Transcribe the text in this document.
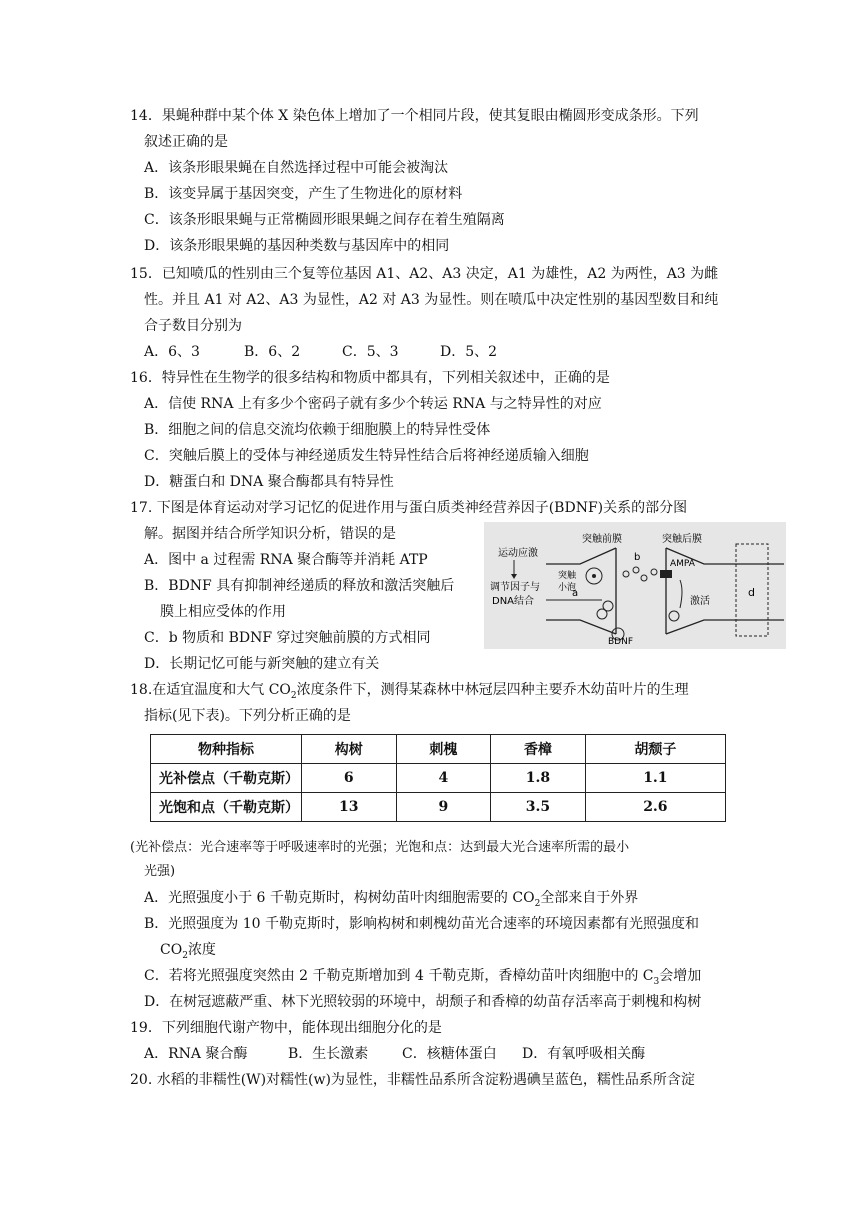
14．果蝇种群中某个体 X 染色体上增加了一个相同片段，使其复眼由椭圆形变成条形。下列
叙述正确的是
A．该条形眼果蝇在自然选择过程中可能会被淘汰
B．该变异属于基因突变，产生了生物进化的原材料
C．该条形眼果蝇与正常椭圆形眼果蝇之间存在着生殖隔离
D．该条形眼果蝇的基因种类数与基因库中的相同
15．已知喷瓜的性别由三个复等位基因 A1、A2、A3 决定，A1 为雄性，A2 为两性，A3 为雌
性。并且 A1 对 A2、A3 为显性，A2 对 A3 为显性。则在喷瓜中决定性别的基因型数目和纯
合子数目分别为
A．6、3	B．6、2	C．5、3	D．5、2
16．特异性在生物学的很多结构和物质中都具有，下列相关叙述中，正确的是
A．信使 RNA 上有多少个密码子就有多少个转运 RNA 与之特异性的对应
B．细胞之间的信息交流均依赖于细胞膜上的特异性受体
C．突触后膜上的受体与神经递质发生特异性结合后将神经递质输入细胞
D．糖蛋白和 DNA 聚合酶都具有特异性
17. 下图是体育运动对学习记忆的促进作用与蛋白质类神经营养因子(BDNF)关系的部分图
解。据图并结合所学知识分析，错误的是
A．图中 a 过程需 RNA 聚合酶等并消耗 ATP
B．BDNF 具有抑制神经递质的释放和激活突触后
膜上相应受体的作用
C．b 物质和 BDNF 穿过突触前膜的方式相同
D．长期记忆可能与新突触的建立有关
运动应激
调节因子与
DNA结合
a
突触前膜
突触
小泡
BDNF
b
突触后膜
AMPA
激活
d
18.在适宜温度和大气 $CO_2$浓度条件下，测得某森林中林冠层四种主要乔木幼苗叶片的生理
指标(见下表)。下列分析正确的是
物种指标	构树	刺槐	香樟	胡颓子
光补偿点（千勒克斯）	6	4	1.8	1.1
光饱和点（千勒克斯）	13	9	3.5	2.6
(光补偿点：光合速率等于呼吸速率时的光强；光饱和点：达到最大光合速率所需的最小
光强)
A．光照强度小于 6 千勒克斯时，构树幼苗叶肉细胞需要的 $CO_2$全部来自于外界
B．光照强度为 10 千勒克斯时，影响构树和刺槐幼苗光合速率的环境因素都有光照强度和
$CO_2$浓度
C．若将光照强度突然由 2 千勒克斯增加到 4 千勒克斯，香樟幼苗叶肉细胞中的 $C_3$会增加
D．在树冠遮蔽严重、林下光照较弱的环境中，胡颓子和香樟的幼苗存活率高于刺槐和构树
19．下列细胞代谢产物中，能体现出细胞分化的是
A．RNA 聚合酶	B．生长激素 C．核糖体蛋白 D．有氧呼吸相关酶
20. 水稻的非糯性(W)对糯性(w)为显性，非糯性品系所含淀粉遇碘呈蓝色，糯性品系所含淀
